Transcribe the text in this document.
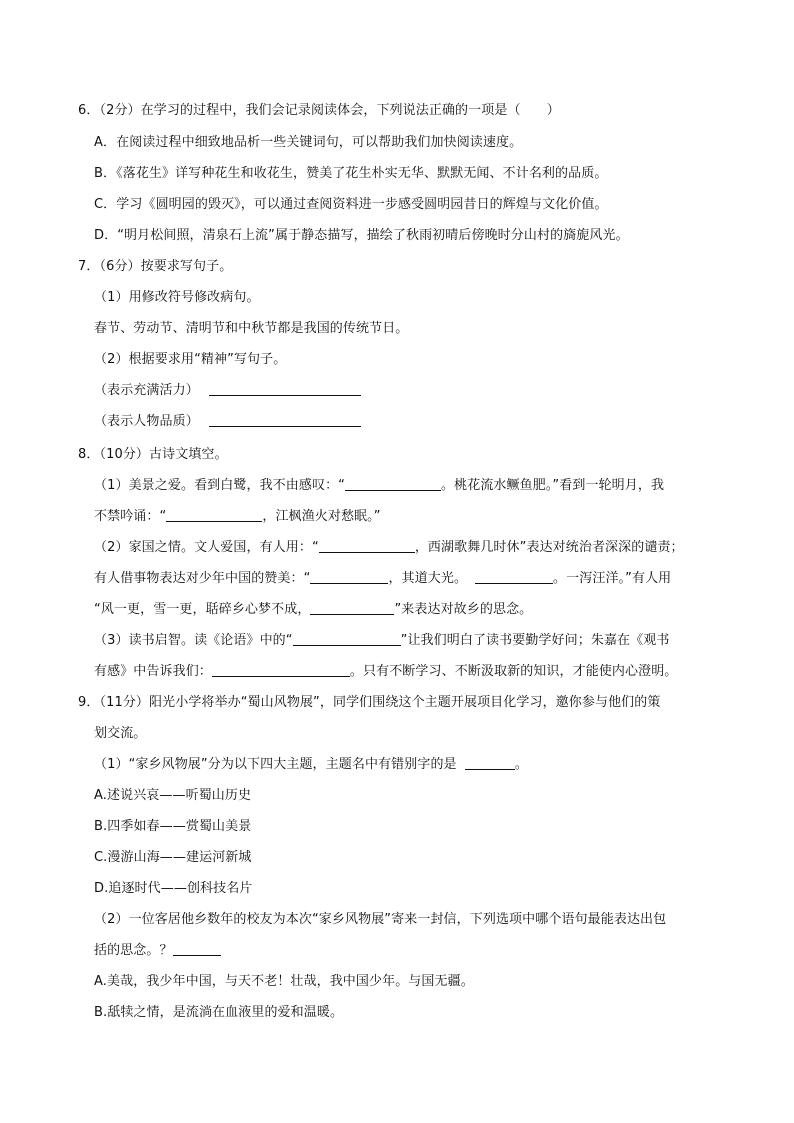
6．（2分）在学习的过程中，我们会记录阅读体会，下列说法正确的一项是（　　）
A．在阅读过程中细致地品析一些关键词句，可以帮助我们加快阅读速度。
B．《落花生》详写种花生和收花生，赞美了花生朴实无华、默默无闻、不计名利的品质。
C．学习《圆明园的毁灭》，可以通过查阅资料进一步感受圆明园昔日的辉煌与文化价值。
D．“明月松间照，清泉石上流”属于静态描写，描绘了秋雨初晴后傍晚时分山村的旖旎风光。
7．（6分）按要求写句子。
（1）用修改符号修改病句。
春节、劳动节、清明节和中秋节都是我国的传统节日。
（2）根据要求用“精神”写句子。
（表示充满活力）
（表示人物品质）
8．（10分）古诗文填空。
（1）美景之爱。看到白鹭，我不由感叹：“	。桃花流水鳜鱼肥。”看到一轮明月，我
不禁吟诵：“	，江枫渔火对愁眠。”
（2）家国之情。文人爱国，有人用：“	，西湖歌舞几时休”表达对统治者深深的谴责；
有人借事物表达对少年中国的赞美：“	，其道大光。	。一泻汪洋。”有人用
“风一更，雪一更，聒碎乡心梦不成，	”来表达对故乡的思念。
（3）读书启智。读《论语》中的“	”让我们明白了读书要勤学好问；朱嘉在《观书
有感》中告诉我们：	。只有不断学习、不断汲取新的知识，才能使内心澄明。
9．（11分）阳光小学将举办“蜀山风物展”，同学们围绕这个主题开展项目化学习，邀你参与他们的策
划交流。
（1）“家乡风物展”分为以下四大主题，主题名中有错别字的是	。
A.述说兴哀——听蜀山历史
B.四季如春——赏蜀山美景
C.漫游山海——建运河新城
D.追逐时代——创科技名片
（2）一位客居他乡数年的校友为本次“家乡风物展”寄来一封信，下列选项中哪个语句最能表达出包
括的思念。？
A.美哉，我少年中国，与天不老！壮哉，我中国少年。与国无疆。
B.舐犊之情，是流淌在血液里的爱和温暖。
